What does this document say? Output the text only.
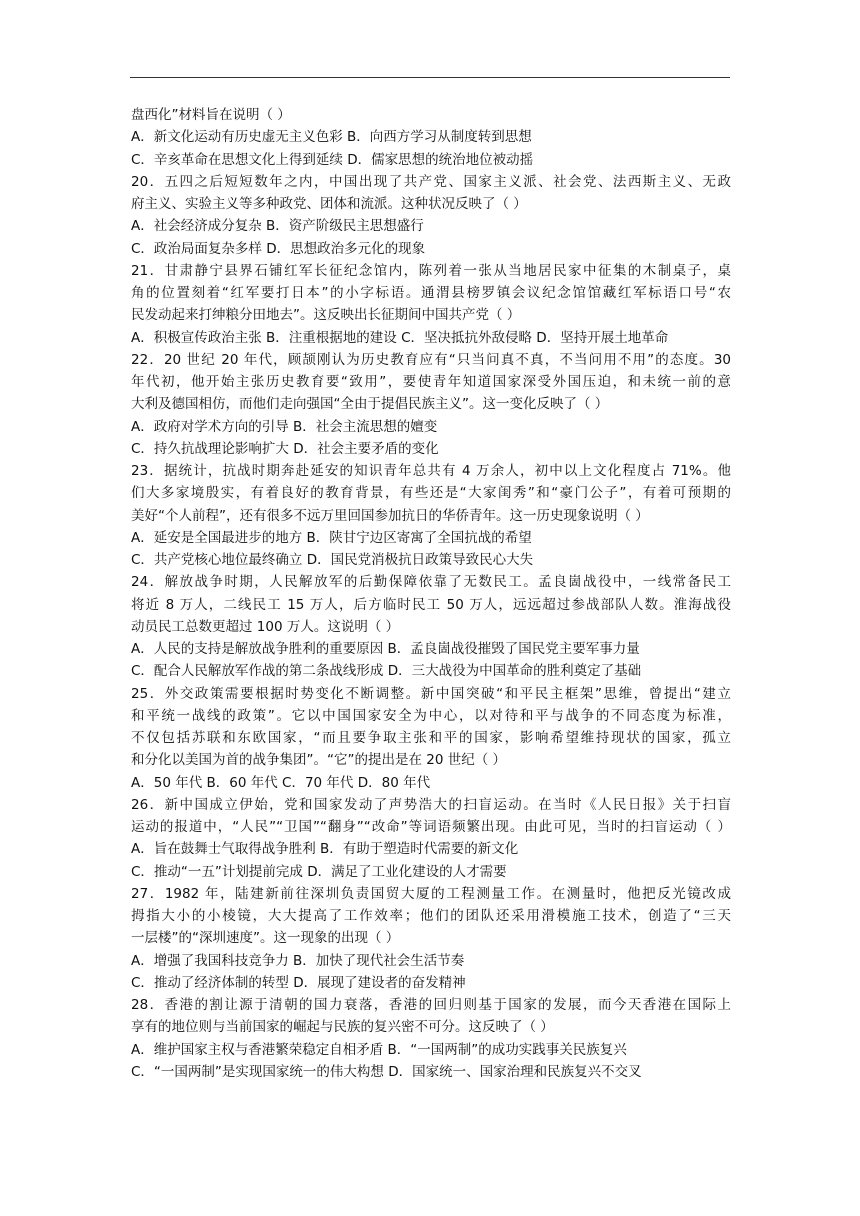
盘西化”材料旨在说明（ ）
A．新文化运动有历史虚无主义色彩 B．向西方学习从制度转到思想
C．辛亥革命在思想文化上得到延续 D．儒家思想的统治地位被动摇
20．五四之后短短数年之内，中国出现了共产党、国家主义派、社会党、法西斯主义、无政
府主义、实验主义等多种政党、团体和流派。这种状况反映了（ ）
A．社会经济成分复杂 B．资产阶级民主思想盛行
C．政治局面复杂多样 D．思想政治多元化的现象
21．甘肃静宁县界石铺红军长征纪念馆内，陈列着一张从当地居民家中征集的木制桌子，桌
角的位置刻着“红军要打日本”的小字标语。通渭县榜罗镇会议纪念馆馆藏红军标语口号“农
民发动起来打绅粮分田地去”。这反映出长征期间中国共产党（ ）
A．积极宣传政治主张 B．注重根据地的建设 C．坚决抵抗外敌侵略 D．坚持开展土地革命
22．20 世纪 20 年代，顾颉刚认为历史教育应有“只当问真不真，不当问用不用”的态度。30
年代初，他开始主张历史教育要“致用”，要使青年知道国家深受外国压迫，和未统一前的意
大利及德国相仿，而他们走向强国“全由于提倡民族主义”。这一变化反映了（ ）
A．政府对学术方向的引导 B．社会主流思想的嬗变
C．持久抗战理论影响扩大 D．社会主要矛盾的变化
23．据统计，抗战时期奔赴延安的知识青年总共有 4 万余人，初中以上文化程度占 71%。他
们大多家境殷实，有着良好的教育背景，有些还是“大家闺秀”和“豪门公子”，有着可预期的
美好“个人前程”，还有很多不远万里回国参加抗日的华侨青年。这一历史现象说明（ ）
A．延安是全国最进步的地方 B．陕甘宁边区寄寓了全国抗战的希望
C．共产党核心地位最终确立 D．国民党消极抗日政策导致民心大失
24．解放战争时期，人民解放军的后勤保障依靠了无数民工。孟良崮战役中，一线常备民工
将近 8 万人，二线民工 15 万人，后方临时民工 50 万人，远远超过参战部队人数。淮海战役
动员民工总数更超过 100 万人。这说明（ ）
A．人民的支持是解放战争胜利的重要原因 B．孟良崮战役摧毁了国民党主要军事力量
C．配合人民解放军作战的第二条战线形成 D．三大战役为中国革命的胜利奠定了基础
25．外交政策需要根据时势变化不断调整。新中国突破“和平民主框架”思维，曾提出“建立
和平统一战线的政策”。它以中国国家安全为中心，以对待和平与战争的不同态度为标准，
不仅包括苏联和东欧国家，“而且要争取主张和平的国家，影响希望维持现状的国家，孤立
和分化以美国为首的战争集团”。“它”的提出是在 20 世纪（ ）
A．50 年代 B．60 年代 C．70 年代 D．80 年代
26．新中国成立伊始，党和国家发动了声势浩大的扫盲运动。在当时《人民日报》关于扫盲
运动的报道中，“人民”“卫国”“翻身”“改命”等词语频繁出现。由此可见，当时的扫盲运动（ ）
A．旨在鼓舞士气取得战争胜利 B．有助于塑造时代需要的新文化
C．推动“一五”计划提前完成 D．满足了工业化建设的人才需要
27．1982 年，陆建新前往深圳负责国贸大厦的工程测量工作。在测量时，他把反光镜改成
拇指大小的小棱镜，大大提高了工作效率；他们的团队还采用滑模施工技术，创造了“三天
一层楼”的“深圳速度”。这一现象的出现（ ）
A．增强了我国科技竞争力 B．加快了现代社会生活节奏
C．推动了经济体制的转型 D．展现了建设者的奋发精神
28．香港的割让源于清朝的国力衰落，香港的回归则基于国家的发展，而今天香港在国际上
享有的地位则与当前国家的崛起与民族的复兴密不可分。这反映了（ ）
A．维护国家主权与香港繁荣稳定自相矛盾 B．“一国两制”的成功实践事关民族复兴
C．“一国两制”是实现国家统一的伟大构想 D．国家统一、国家治理和民族复兴不交叉
